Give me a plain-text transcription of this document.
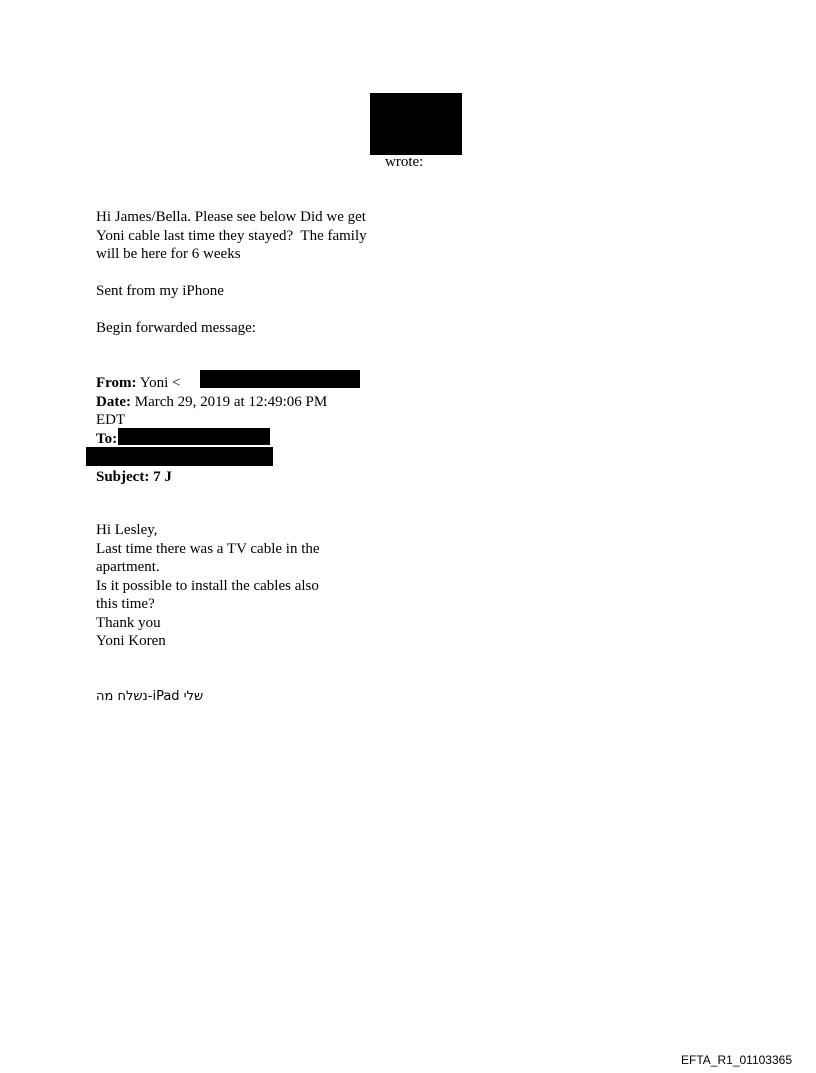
wrote:
Hi James/Bella. Please see below Did we get
Yoni cable last time they stayed?  The family
will be here for 6 weeks
Sent from my iPhone
Begin forwarded message:
From: Yoni <
Date: March 29, 2019 at 12:49:06 PM
EDT
To:

Subject: 7 J
Hi Lesley,
Last time there was a TV cable in the
apartment.
Is it possible to install the cables also
this time?
Thank you
Yoni Koren
שלי iPad-נשלח מה
EFTA_R1_01103365
